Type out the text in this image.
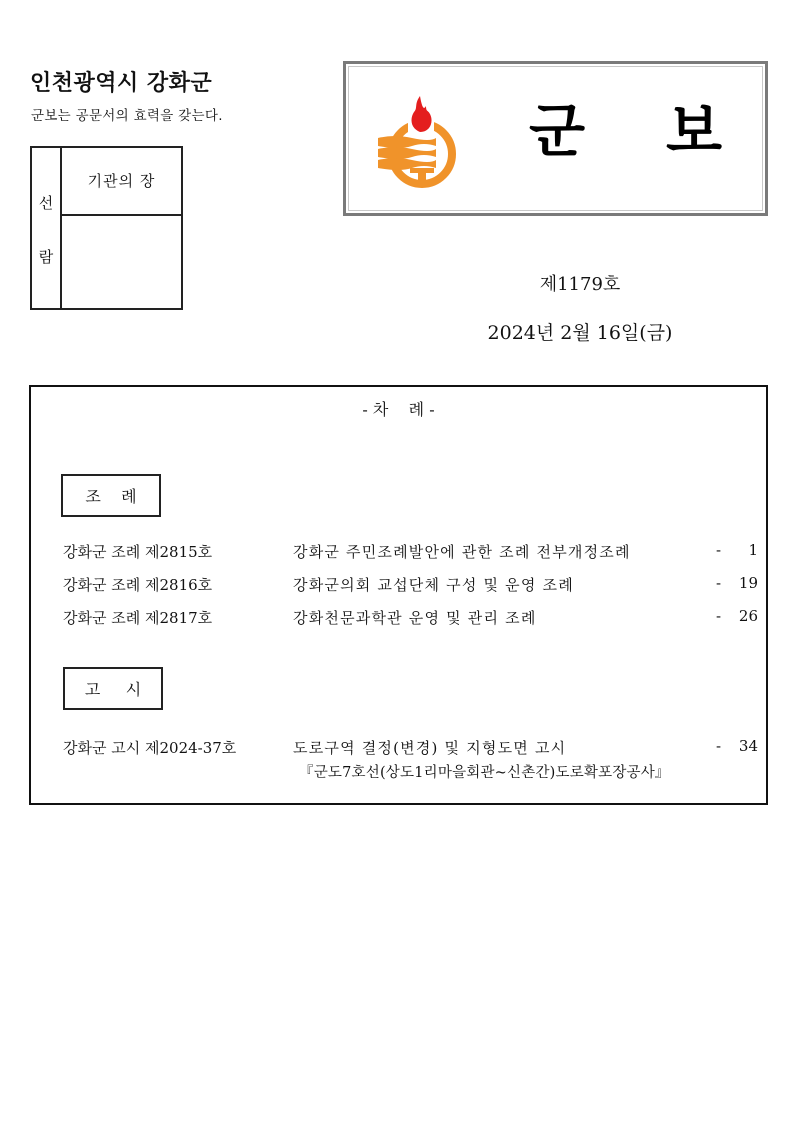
인천광역시 강화군
군보는 공문서의 효력을 갖는다.
선
람
기관의 장
군 보
제1179호
2024년 2월 16일(금)
- 차    례 -
조    례
강화군 조례 제2815호	강화군 주민조례발안에 관한 조례 전부개정조례	- 1
강화군 조례 제2816호	강화군의회 교섭단체 구성 및 운영 조례	- 19
강화군 조례 제2817호	강화천문과학관 운영 및 관리 조례	- 26
고     시
강화군 고시 제2024-37호	도로구역 결정(변경) 및 지형도면 고시	- 34
『군도7호선(상도1리마을회관~신촌간)도로확포장공사』
